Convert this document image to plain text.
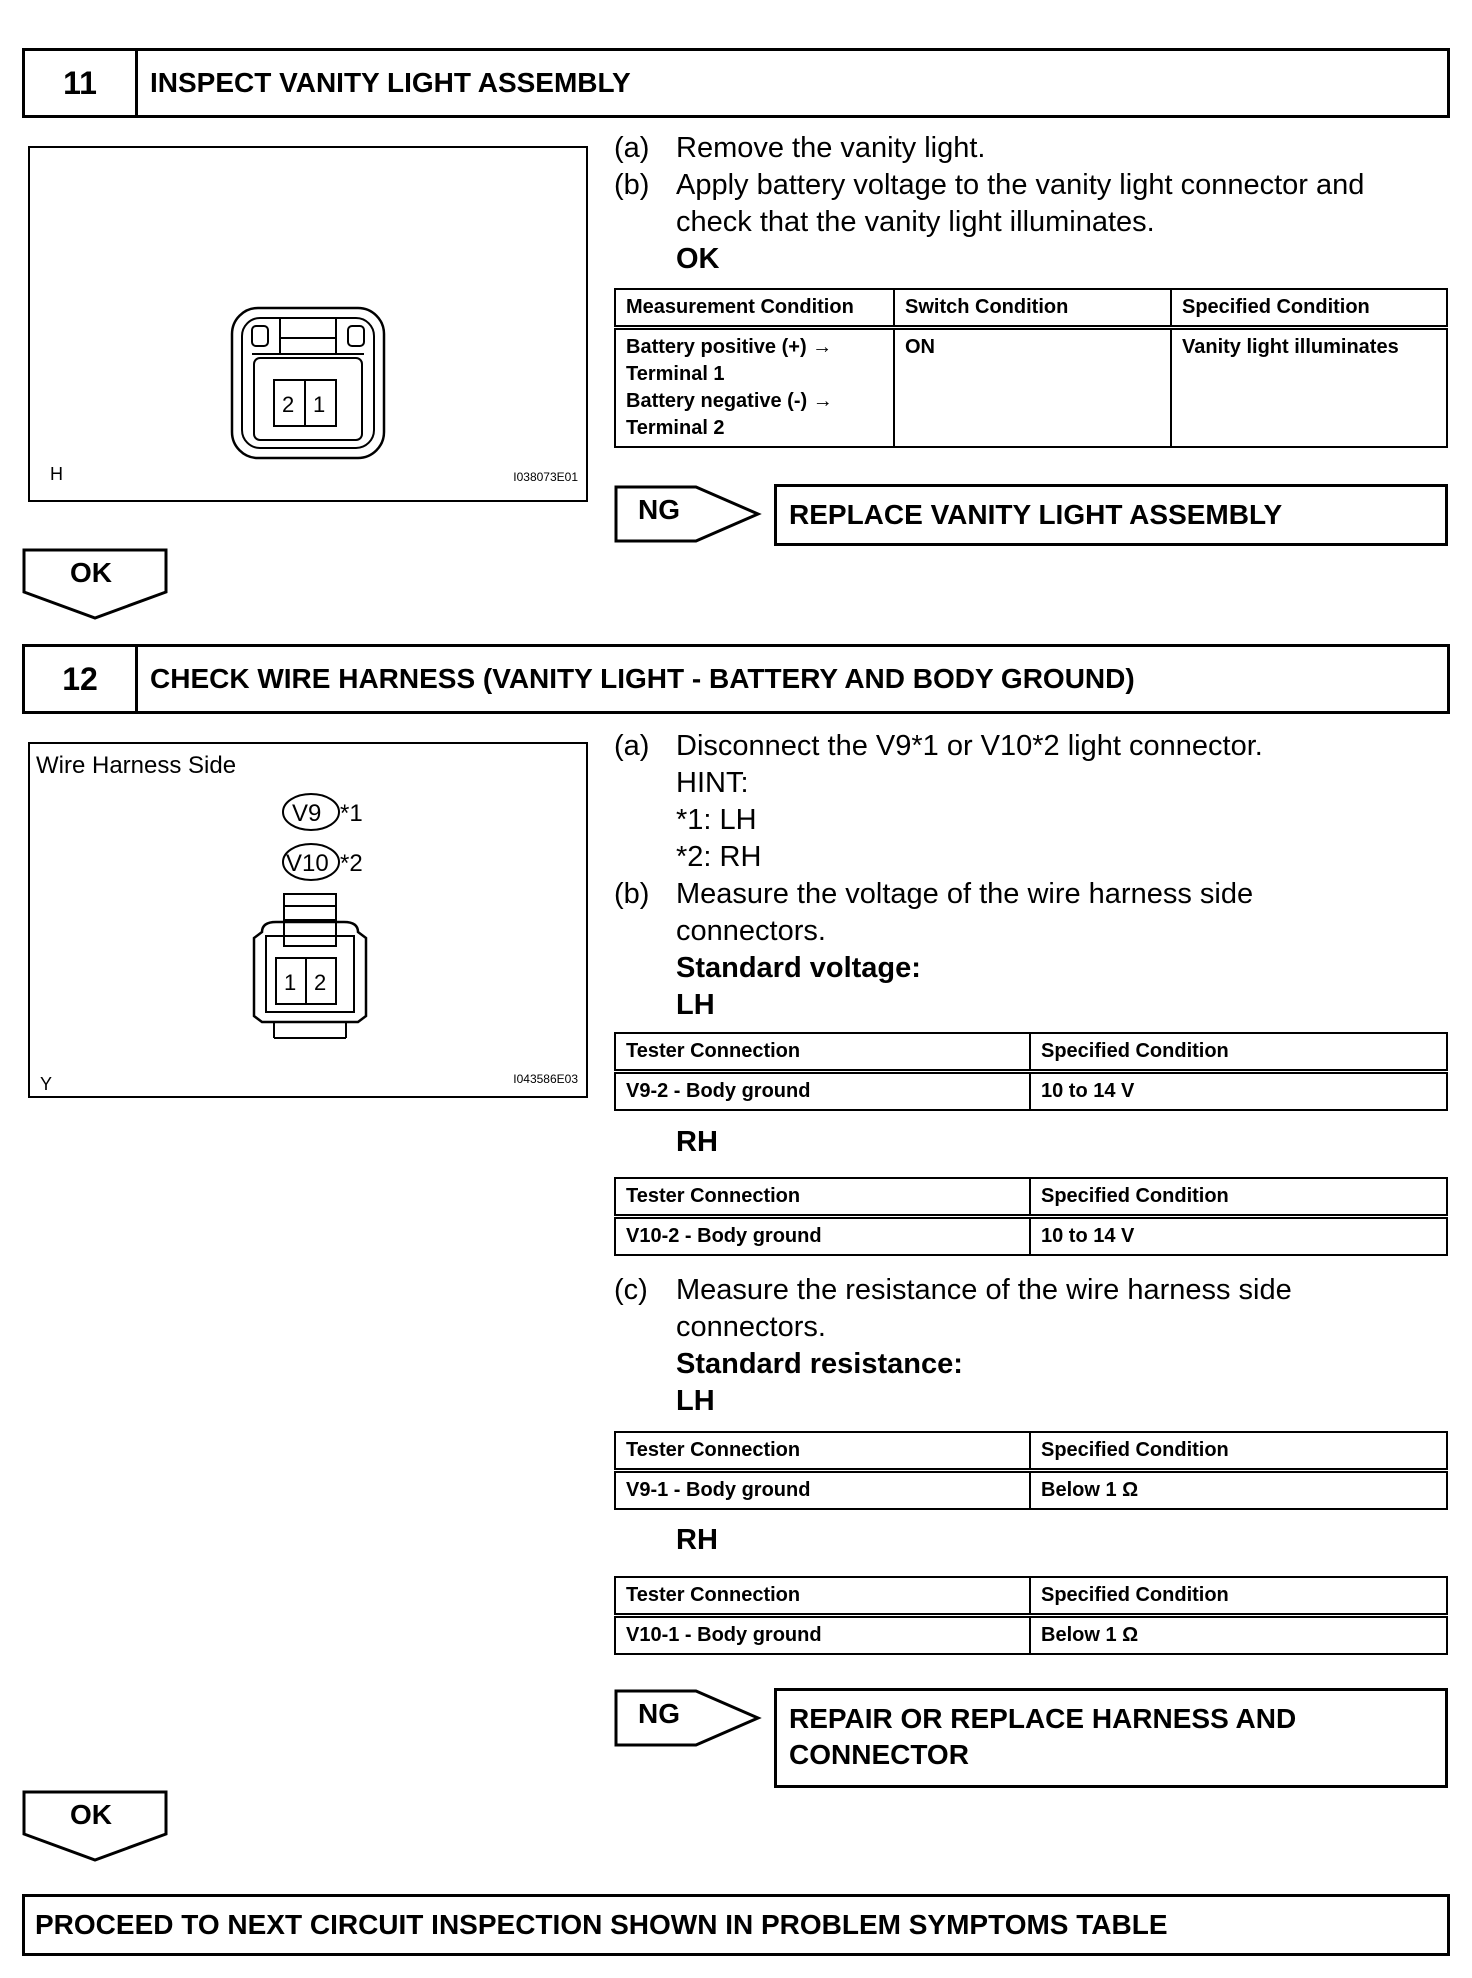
11	INSPECT VANITY LIGHT ASSEMBLY
2 1
H	I038073E01
(a) Remove the vanity light.
(b) Apply battery voltage to the vanity light connector and check that the vanity light illuminates.
OK
Measurement Condition	Switch Condition	Specified Condition

Battery positive (+) →
Terminal 1
Battery negative (-) →
Terminal 2	ON	Vanity light illuminates
NG	REPLACE VANITY LIGHT ASSEMBLY
OK
12	CHECK WIRE HARNESS (VANITY LIGHT - BATTERY AND BODY GROUND)
Wire Harness Side
V9 *1
V10 *2
1 2
Y	I043586E03
(a) Disconnect the V9*1 or V10*2 light connector.
HINT:
*1: LH
*2: RH
(b) Measure the voltage of the wire harness side connectors.
Standard voltage:
LH
Tester Connection	Specified Condition
V9-2 - Body ground	10 to 14 V
RH
Tester Connection	Specified Condition
V10-2 - Body ground	10 to 14 V
(c) Measure the resistance of the wire harness side connectors.
Standard resistance:
LH
Tester Connection	Specified Condition
V9-1 - Body ground	Below 1 Ω
RH
Tester Connection	Specified Condition
V10-1 - Body ground	Below 1 Ω
NG	REPAIR OR REPLACE HARNESS AND
CONNECTOR
OK
PROCEED TO NEXT CIRCUIT INSPECTION SHOWN IN PROBLEM SYMPTOMS TABLE
